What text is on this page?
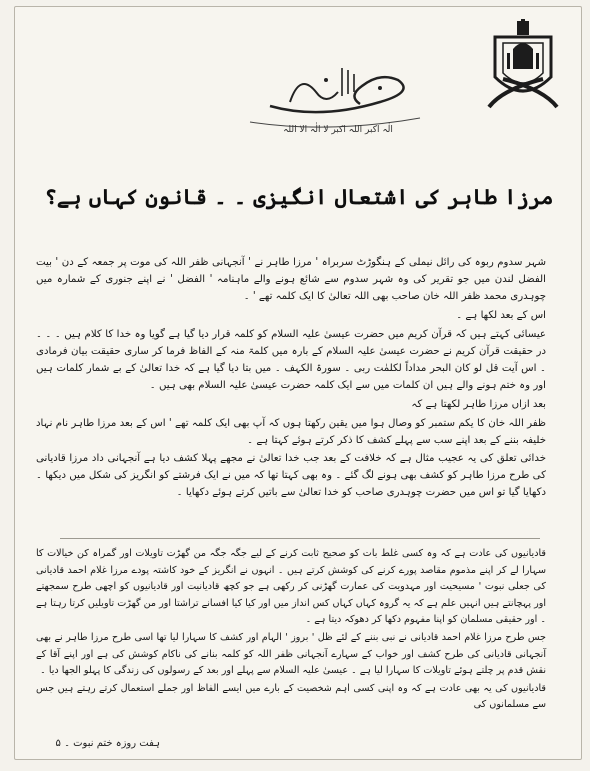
الٰہ اکبر اللہ اکبر لا الٰہ الا اللہ
مرزا طاہر کی اشتعال انگیزی ۔ ۔ قانون کہاں ہے؟

شہر سدوم ربوہ کی رائل نیملی کے ہنگوڑٹ سربراہ ' مرزا طاہر نے ' آنجہانی ظفر اللہ کی موت پر جمعہ کے دن ' بیت الفضل لندن میں جو تقریر کی وہ شہر سدوم سے شائع ہونے والے ماہنامہ ' الفضل ' نے اپنے جنوری کے شمارہ میں چوہدری محمد ظفر اللہ خان صاحب بھی اللہ تعالیٰ کا ایک کلمہ تھے ' ۔

اس کے بعد لکھا ہے ۔

عیسائی کہتے ہیں کہ قرآن کریم میں حضرت عیسیٰ علیہ السلام کو کلمہ قرار دیا گیا ہے گویا وہ خدا کا کلام ہیں ۔ ۔ ۔ در حقیقت قرآن کریم نے حضرت عیسیٰ علیہ السلام کے بارہ میں کلمۃ منہ کے الفاظ فرما کر ساری حقیقت بیان فرمادی ۔ اس آیت قل لو کان البحر مداداً لکلمٰت ربی ۔ سورۃ الکہف ۔ میں بتا دیا گیا ہے کہ خدا تعالیٰ کے بے شمار کلمات ہیں اور وہ ختم ہونے والے ہیں ان کلمات میں سے ایک کلمہ حضرت عیسیٰ علیہ السلام بھی ہیں ۔

بعد ازاں مرزا طاہر لکھتا ہے کہ

ظفر اللہ خان کا یکم ستمبر کو وصال ہوا میں یقین رکھتا ہوں کہ آپ بھی ایک کلمہ تھے ' اس کے بعد مرزا طاہر نام نہاد خلیفہ بننے کے بعد اپنے سب سے پہلے کشف کا ذکر کرتے ہوئے کہتا ہے ۔

خدائی تعلق کی یہ عجیب مثال ہے کہ خلافت کے بعد جب خدا تعالیٰ نے مجھے پہلا کشف دیا ہے آنجہانی داد مرزا قادیانی کی طرح مرزا طاہر کو کشف بھی ہونے لگ گئے ۔ وہ بھی کہتا تھا کہ میں نے ایک فرشتے کو انگریز کی شکل میں دیکھا ۔ دکھایا گیا تو اس میں حضرت چوہدری صاحب کو خدا تعالیٰ سے باتیں کرتے ہوئے دکھایا ۔

قادیانیوں کی عادت ہے کہ وہ کسی غلط بات کو صحیح ثابت کرنے کے لیے جگہ جگہ من گھڑت تاویلات اور گمراہ کن خیالات کا سہارا لے کر اپنے مذموم مقاصد پورے کرنے کی کوشش کرتے ہیں ۔ انہوں نے انگریز کے خود کاشتہ پودے مرزا غلام احمد قادیانی کی جعلی نبوت ' مسیحیت اور مہدویت کی عمارت گھڑنی کر رکھی ہے جو کچھ قادیانیت اور قادیانیوں کو اچھی طرح سمجھتے اور پہچانتے ہیں انہیں علم ہے کہ یہ گروہ کہاں کہاں کس انداز میں اور کیا کیا افسانے تراشتا اور من گھڑت تاویلیں کرتا رہتا ہے ۔ اور حقیقی مسلمان کو اپنا مفہوم دکھا کر دھوکہ دیتا ہے ۔

جس طرح مرزا غلام احمد قادیانی نے نبی بننے کے لئے ظل ' بروز ' الہام اور کشف کا سہارا لیا تھا اسی طرح مرزا طاہر نے بھی آنجہانی قادیانی کی طرح کشف اور خواب کے سہارے آنجہانی ظفر اللہ کو کلمہ بنانے کی ناکام کوشش کی ہے اور اپنے آقا کے نقش قدم پر چلتے ہوئے تاویلات کا سہارا لیا ہے ۔ عیسیٰ علیہ السلام سے پہلے اور بعد کے رسولوں کی زندگی کا پہلو الجھا دیا ۔

قادیانیوں کی یہ بھی عادت ہے کہ وہ اپنی کسی اہم شخصیت کے بارے میں ایسے الفاظ اور جملے استعمال کرتے رہتے ہیں جس سے مسلمانوں کی

ہفت روزہ ختم نبوت ۔ ۵
